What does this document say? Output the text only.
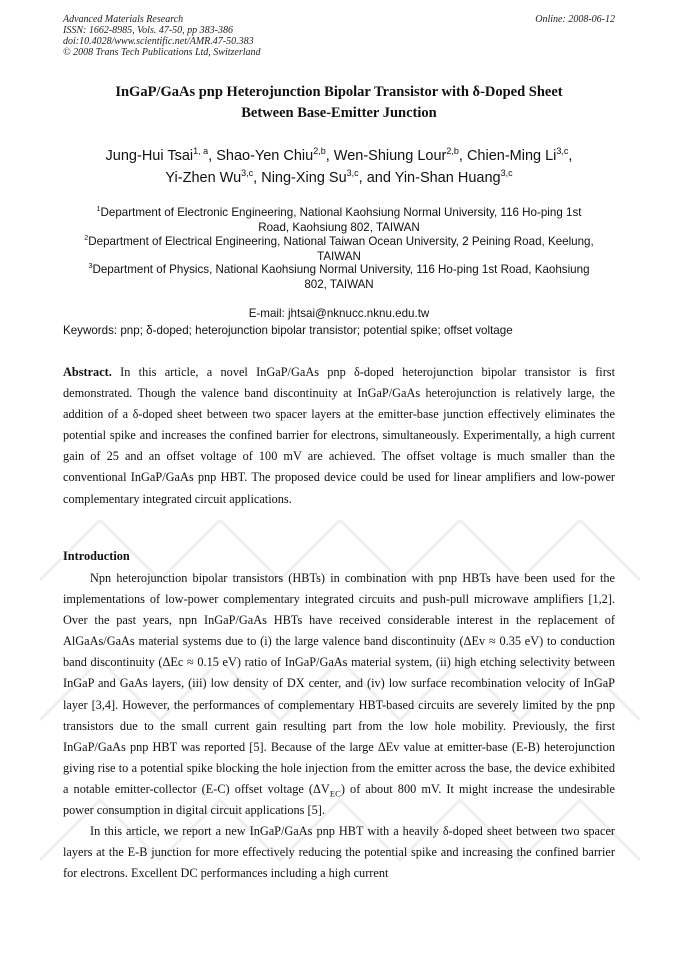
Advanced Materials Research
ISSN: 1662-8985, Vols. 47-50, pp 383-386
doi:10.4028/www.scientific.net/AMR.47-50.383
© 2008 Trans Tech Publications Ltd, Switzerland
Online: 2008-06-12
InGaP/GaAs pnp Heterojunction Bipolar Transistor with δ-Doped Sheet
Between Base-Emitter Junction
Jung-Hui Tsai$^{1, a}$, Shao-Yen Chiu$^{2,b}$, Wen-Shiung Lour$^{2,b}$, Chien-Ming Li$^{3,c}$,
Yi-Zhen Wu$^{3,c}$, Ning-Xing Su$^{3,c}$, and Yin-Shan Huang$^{3,c}$
$^1$Department of Electronic Engineering, National Kaohsiung Normal University, 116 Ho-ping 1st
Road, Kaohsiung 802, TAIWAN
$^2$Department of Electrical Engineering, National Taiwan Ocean University, 2 Peining Road, Keelung,
TAIWAN
$^3$Department of Physics, National Kaohsiung Normal University, 116 Ho-ping 1st Road, Kaohsiung
802, TAIWAN
E-mail: jhtsai@nknucc.nknu.edu.tw
Keywords: pnp; δ-doped; heterojunction bipolar transistor; potential spike; offset voltage
Abstract. In this article, a novel InGaP/GaAs pnp δ-doped heterojunction bipolar transistor is first demonstrated. Though the valence band discontinuity at InGaP/GaAs heterojunction is relatively large, the addition of a δ-doped sheet between two spacer layers at the emitter-base junction effectively eliminates the potential spike and increases the confined barrier for electrons, simultaneously. Experimentally, a high current gain of 25 and an offset voltage of 100 mV are achieved. The offset voltage is much smaller than the conventional InGaP/GaAs pnp HBT. The proposed device could be used for linear amplifiers and low-power complementary integrated circuit applications.
Introduction
Npn heterojunction bipolar transistors (HBTs) in combination with pnp HBTs have been used for the implementations of low-power complementary integrated circuits and push-pull microwave amplifiers [1,2]. Over the past years, npn InGaP/GaAs HBTs have received considerable interest in the replacement of AlGaAs/GaAs material systems due to (i) the large valence band discontinuity (ΔEv ≈ 0.35 eV) to conduction band discontinuity (ΔEc ≈ 0.15 eV) ratio of InGaP/GaAs material system, (ii) high etching selectivity between InGaP and GaAs layers, (iii) low density of DX center, and (iv) low surface recombination velocity of InGaP layer [3,4]. However, the performances of complementary HBT-based circuits are severely limited by the pnp transistors due to the small current gain resulting part from the low hole mobility. Previously, the first InGaP/GaAs pnp HBT was reported [5]. Because of the large ΔEv value at emitter-base (E-B) heterojunction giving rise to a potential spike blocking the hole injection from the emitter across the base, the device exhibited a notable emitter-collector (E-C) offset voltage $(\Delta V_{EC})$ of about 800 mV. It might increase the undesirable power consumption in digital circuit applications [5].
In this article, we report a new InGaP/GaAs pnp HBT with a heavily δ-doped sheet between two spacer layers at the E-B junction for more effectively reducing the potential spike and increasing the confined barrier for electrons. Excellent DC performances including a high current
